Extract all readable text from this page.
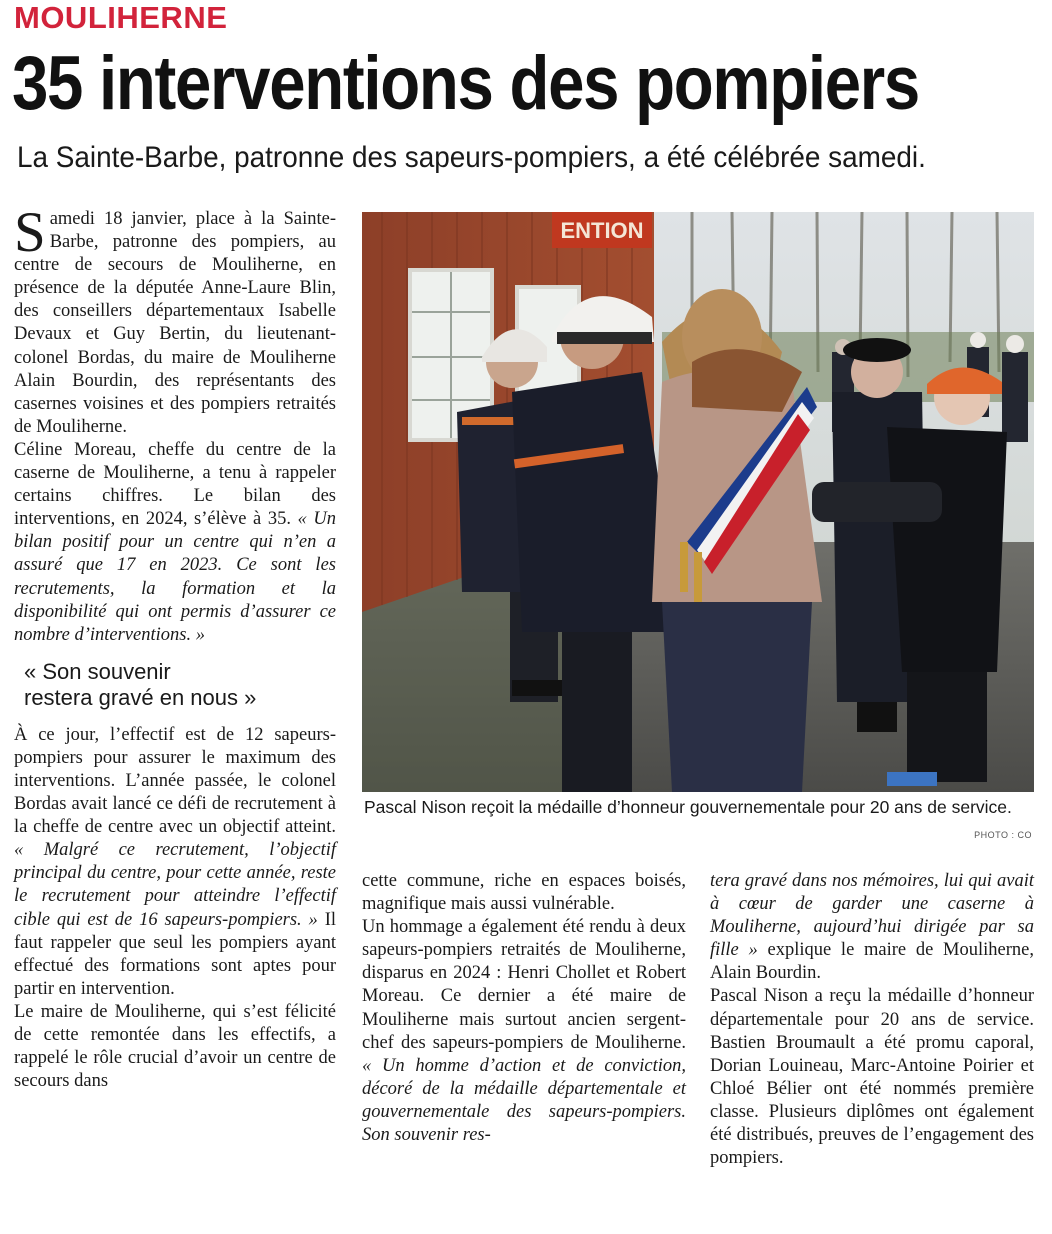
MOULIHERNE
35 interventions des pompiers
La Sainte-Barbe, patronne des sapeurs-pompiers, a été célébrée samedi.

Samedi 18 janvier, place à la Sainte-Barbe, patronne des pompiers, au centre de secours de Mouliherne, en présence de la députée Anne-Laure Blin, des conseillers départementaux Isabelle Devaux et Guy Bertin, du lieutenant-colonel Bordas, du maire de Mouliherne Alain Bourdin, des représentants des casernes voisines et des pompiers retraités de Mouliherne.

Céline Moreau, cheffe du centre de la caserne de Mouliherne, a tenu à rappeler certains chiffres. Le bilan des interventions, en 2024, s’élève à 35. « Un bilan positif pour un centre qui n’en a assuré que 17 en 2023. Ce sont les recrutements, la formation et la disponibilité qui ont permis d’assurer ce nombre d’interventions. »

« Son souvenir
restera gravé en nous »

À ce jour, l’effectif est de 12 sapeurs-pompiers pour assurer le maximum des interventions. L’année passée, le colonel Bordas avait lancé ce défi de recrutement à la cheffe de centre avec un objectif atteint. « Malgré ce recrutement, l’objectif principal du centre, pour cette année, reste le recrutement pour atteindre l’effectif cible qui est de 16 sapeurs-pompiers. » Il faut rappeler que seul les pompiers ayant effectué des formations sont aptes pour partir en intervention.

Le maire de Mouliherne, qui s’est félicité de cette remontée dans les effectifs, a rappelé le rôle crucial d’avoir un centre de secours dans

ENTION
Pascal Nison reçoit la médaille d’honneur gouvernementale pour 20 ans de service.
PHOTO : CO

cette commune, riche en espaces boisés, magnifique mais aussi vulnérable.

Un hommage a également été rendu à deux sapeurs-pompiers retraités de Mouliherne, disparus en 2024 : Henri Chollet et Robert Moreau. Ce dernier a été maire de Mouliherne mais surtout ancien sergent-chef des sapeurs-pompiers de Mouliherne. « Un homme d’action et de conviction, décoré de la médaille départementale et gouvernementale des sapeurs-pompiers. Son souvenir res-

tera gravé dans nos mémoires, lui qui avait à cœur de garder une caserne à Mouliherne, aujourd’hui dirigée par sa fille » explique le maire de Mouliherne, Alain Bourdin.

Pascal Nison a reçu la médaille d’honneur départementale pour 20 ans de service. Bastien Broumault a été promu caporal, Dorian Louineau, Marc-Antoine Poirier et Chloé Bélier ont été nommés première classe. Plusieurs diplômes ont également été distribués, preuves de l’engagement des pompiers.
